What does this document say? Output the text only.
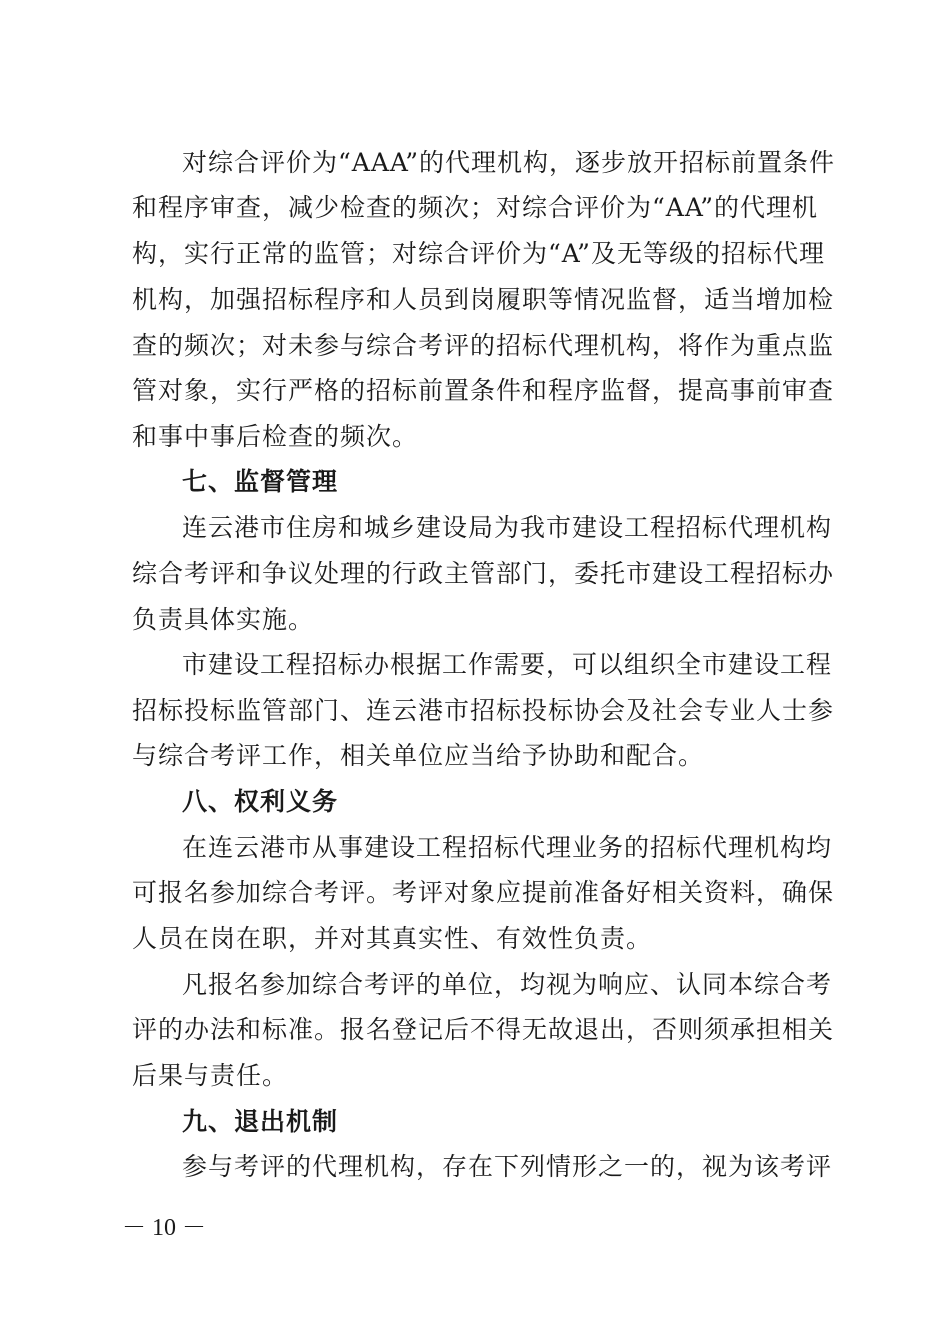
对综合评价为“AAA”的代理机构，逐步放开招标前置条件
和程序审查，减少检查的频次；对综合评价为“AA”的代理机
构，实行正常的监管；对综合评价为“A”及无等级的招标代理
机构，加强招标程序和人员到岗履职等情况监督，适当增加检
查的频次；对未参与综合考评的招标代理机构，将作为重点监
管对象，实行严格的招标前置条件和程序监督，提高事前审查
和事中事后检查的频次。
七、监督管理
连云港市住房和城乡建设局为我市建设工程招标代理机构
综合考评和争议处理的行政主管部门，委托市建设工程招标办
负责具体实施。
市建设工程招标办根据工作需要，可以组织全市建设工程
招标投标监管部门、连云港市招标投标协会及社会专业人士参
与综合考评工作，相关单位应当给予协助和配合。
八、权利义务
在连云港市从事建设工程招标代理业务的招标代理机构均
可报名参加综合考评。考评对象应提前准备好相关资料，确保
人员在岗在职，并对其真实性、有效性负责。
凡报名参加综合考评的单位，均视为响应、认同本综合考
评的办法和标准。报名登记后不得无故退出，否则须承担相关
后果与责任。
九、退出机制
参与考评的代理机构，存在下列情形之一的，视为该考评
－ 10 －
